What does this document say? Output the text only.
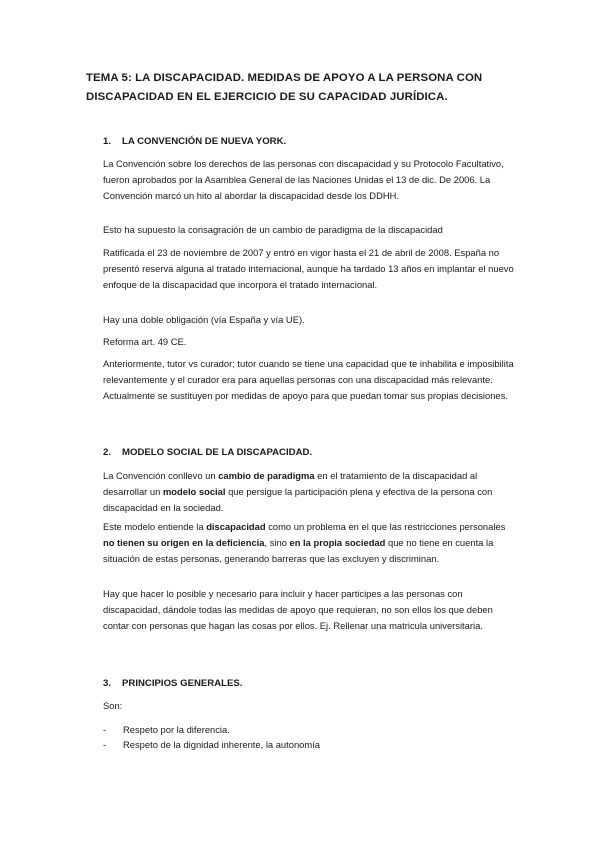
TEMA 5: LA DISCAPACIDAD. MEDIDAS DE APOYO A LA PERSONA CON DISCAPACIDAD EN EL EJERCICIO DE SU CAPACIDAD JURÍDICA.
1. LA CONVENCIÓN DE NUEVA YORK.

La Convención sobre los derechos de las personas con discapacidad y su Protocolo Facultativo, fueron aprobados por la Asamblea General de las Naciones Unidas el 13 de dic. De 2006. La Convención marcó un hito al abordar la discapacidad desde los DDHH.

Esto ha supuesto la consagración de un cambio de paradigma de la discapacidad

Ratificada el 23 de noviembre de 2007 y entró en vigor hasta el 21 de abril de 2008. España no presentó reserva alguna al tratado internacional, aunque ha tardado 13 años en implantar el nuevo enfoque de la discapacidad que incorpora el tratado internacional.

Hay una doble obligación (vía España y vía UE).

Reforma art. 49 CE.

Anteriormente, tutor vs curador; tutor cuando se tiene una capacidad que te inhabilita e imposibilita relevantemente y el curador era para aquellas personas con una discapacidad más relevante. Actualmente se sustituyen por medidas de apoyo para que puedan tomar sus propias decisiones.

2. MODELO SOCIAL DE LA DISCAPACIDAD.

La Convención conllevo un cambio de paradigma en el tratamiento de la discapacidad al desarrollar un modelo social que persigue la participación plena y efectiva de la persona con discapacidad en la sociedad.

Este modelo entiende la discapacidad como un problema en el que las restricciones personales no tienen su origen en la deficiencia, sino en la propia sociedad que no tiene en cuenta la situación de estas personas, generando barreras que las excluyen y discriminan.

Hay que hacer lo posible y necesario para incluir y hacer participes a las personas con discapacidad, dándole todas las medidas de apoyo que requieran, no son ellos los que deben contar con personas que hagan las cosas por ellos. Ej. Rellenar una matricula universitaria.

3. PRINCIPIOS GENERALES.

Son:

- Respeto por la diferencia.
- Respeto de la dignidad inherente, la autonomía
